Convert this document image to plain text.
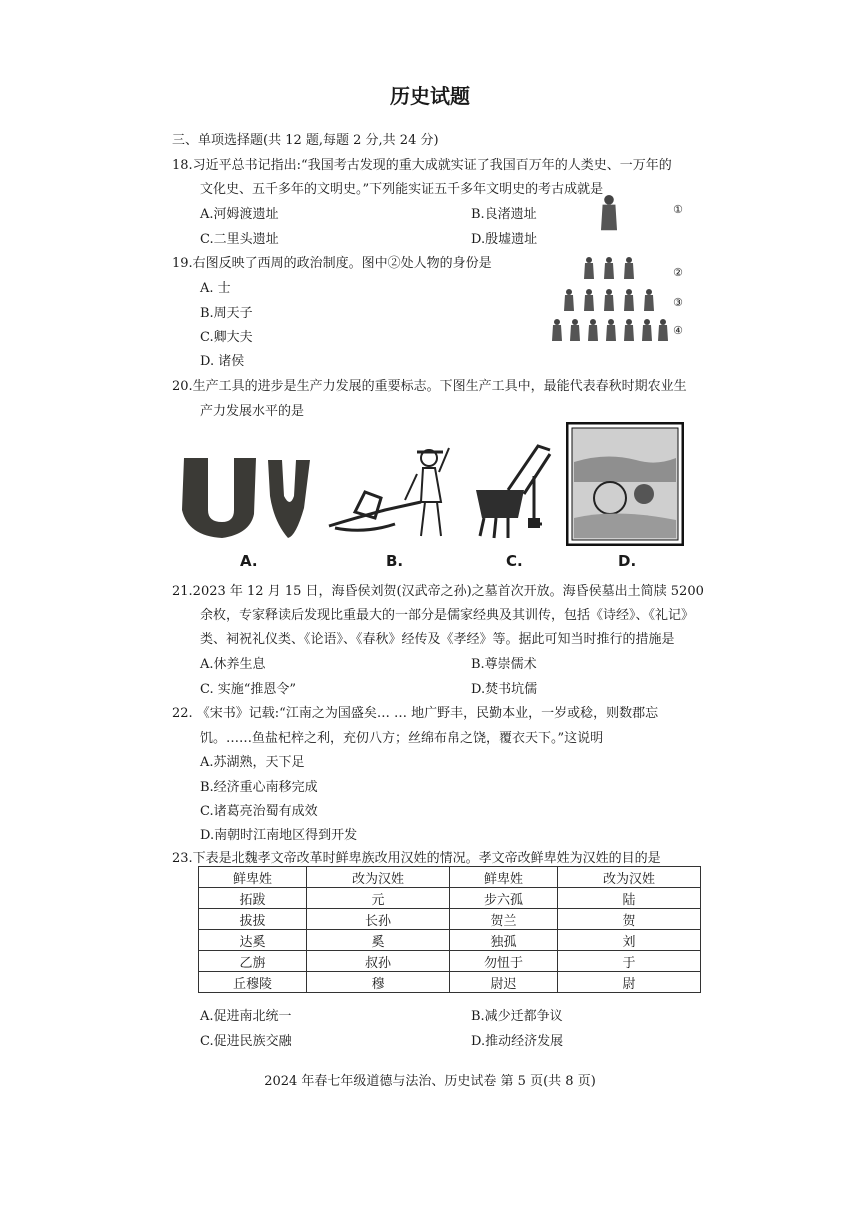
历史试题
三、单项选择题(共 12 题,每题 2 分,共 24 分)
18.习近平总书记指出:“我国考古发现的重大成就实证了我国百万年的人类史、一万年的
文化史、五千多年的文明史。”下列能实证五千多年文明史的考古成就是
A.河姆渡遗址	B.良渚遗址
C.二里头遗址	D.殷墟遗址
19.右图反映了西周的政治制度。图中②处人物的身份是
A. 士
B.周天子
C.卿大夫
D. 诸侯
①
②
③
④
20.生产工具的进步是生产力发展的重要标志。下图生产工具中，最能代表春秋时期农业生
产力发展水平的是
A.	B.	C.	D.
21.2023 年 12 月 15 日，海昏侯刘贺(汉武帝之孙)之墓首次开放。海昏侯墓出土简牍 5200
余枚，专家释读后发现比重最大的一部分是儒家经典及其训传，包括《诗经》、《礼记》
类、祠祝礼仪类、《论语》、《春秋》经传及《孝经》等。据此可知当时推行的措施是
A.休养生息	B.尊崇儒术
C. 实施“推恩令”	D.焚书坑儒
22. 《宋书》记载:“江南之为国盛矣… … 地广野丰，民勤本业，一岁或稔，则数郡忘
饥。……鱼盐杞梓之利，充仞八方；丝绵布帛之饶，覆衣天下。”这说明
A.苏湖熟，天下足
B.经济重心南移完成
C.诸葛亮治蜀有成效
D.南朝时江南地区得到开发
23.下表是北魏孝文帝改革时鲜卑族改用汉姓的情况。孝文帝改鲜卑姓为汉姓的目的是
鲜卑姓	改为汉姓	鲜卑姓	改为汉姓
拓跋	元	步六孤	陆
拔拔	长孙	贺兰	贺
达奚	奚	独孤	刘
乙旃	叔孙	勿忸于	于
丘穆陵	穆	尉迟	尉
A.促进南北统一	B.减少迁都争议
C.促进民族交融	D.推动经济发展
2024 年春七年级道德与法治、历史试卷 第 5 页(共 8 页)
